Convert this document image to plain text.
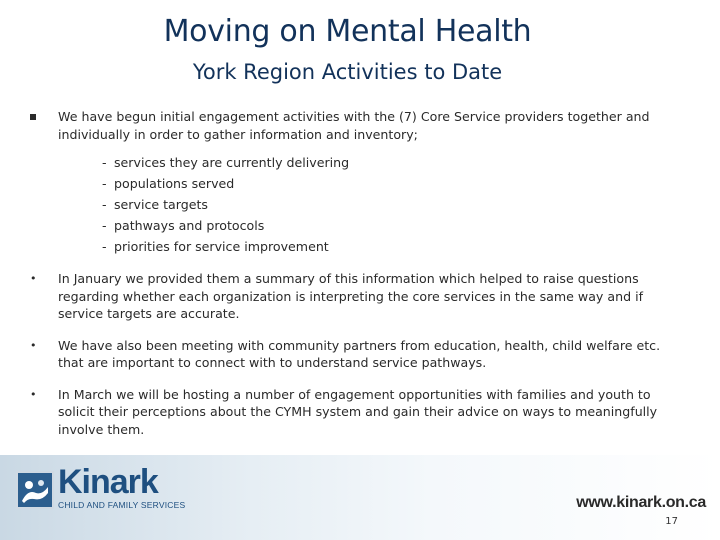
Moving on Mental Health
York Region Activities to Date
We have begun initial engagement activities with the (7) Core Service providers together and individually in order to gather information and inventory;
- services they are currently delivering
- populations served
- service targets
- pathways and protocols
- priorities for service improvement
• In January we provided them a summary of this information which helped to raise questions regarding whether each organization is interpreting the core services in the same way and if service targets are accurate.
• We have also been meeting with community partners from education, health, child welfare etc. that are important to connect with to understand service pathways.
• In March we will be hosting a number of engagement opportunities with families and youth to solicit their perceptions about the CYMH system and gain their advice on ways to meaningfully involve them.
Kinark
CHILD AND FAMILY SERVICES	www.kinark.on.ca
17
